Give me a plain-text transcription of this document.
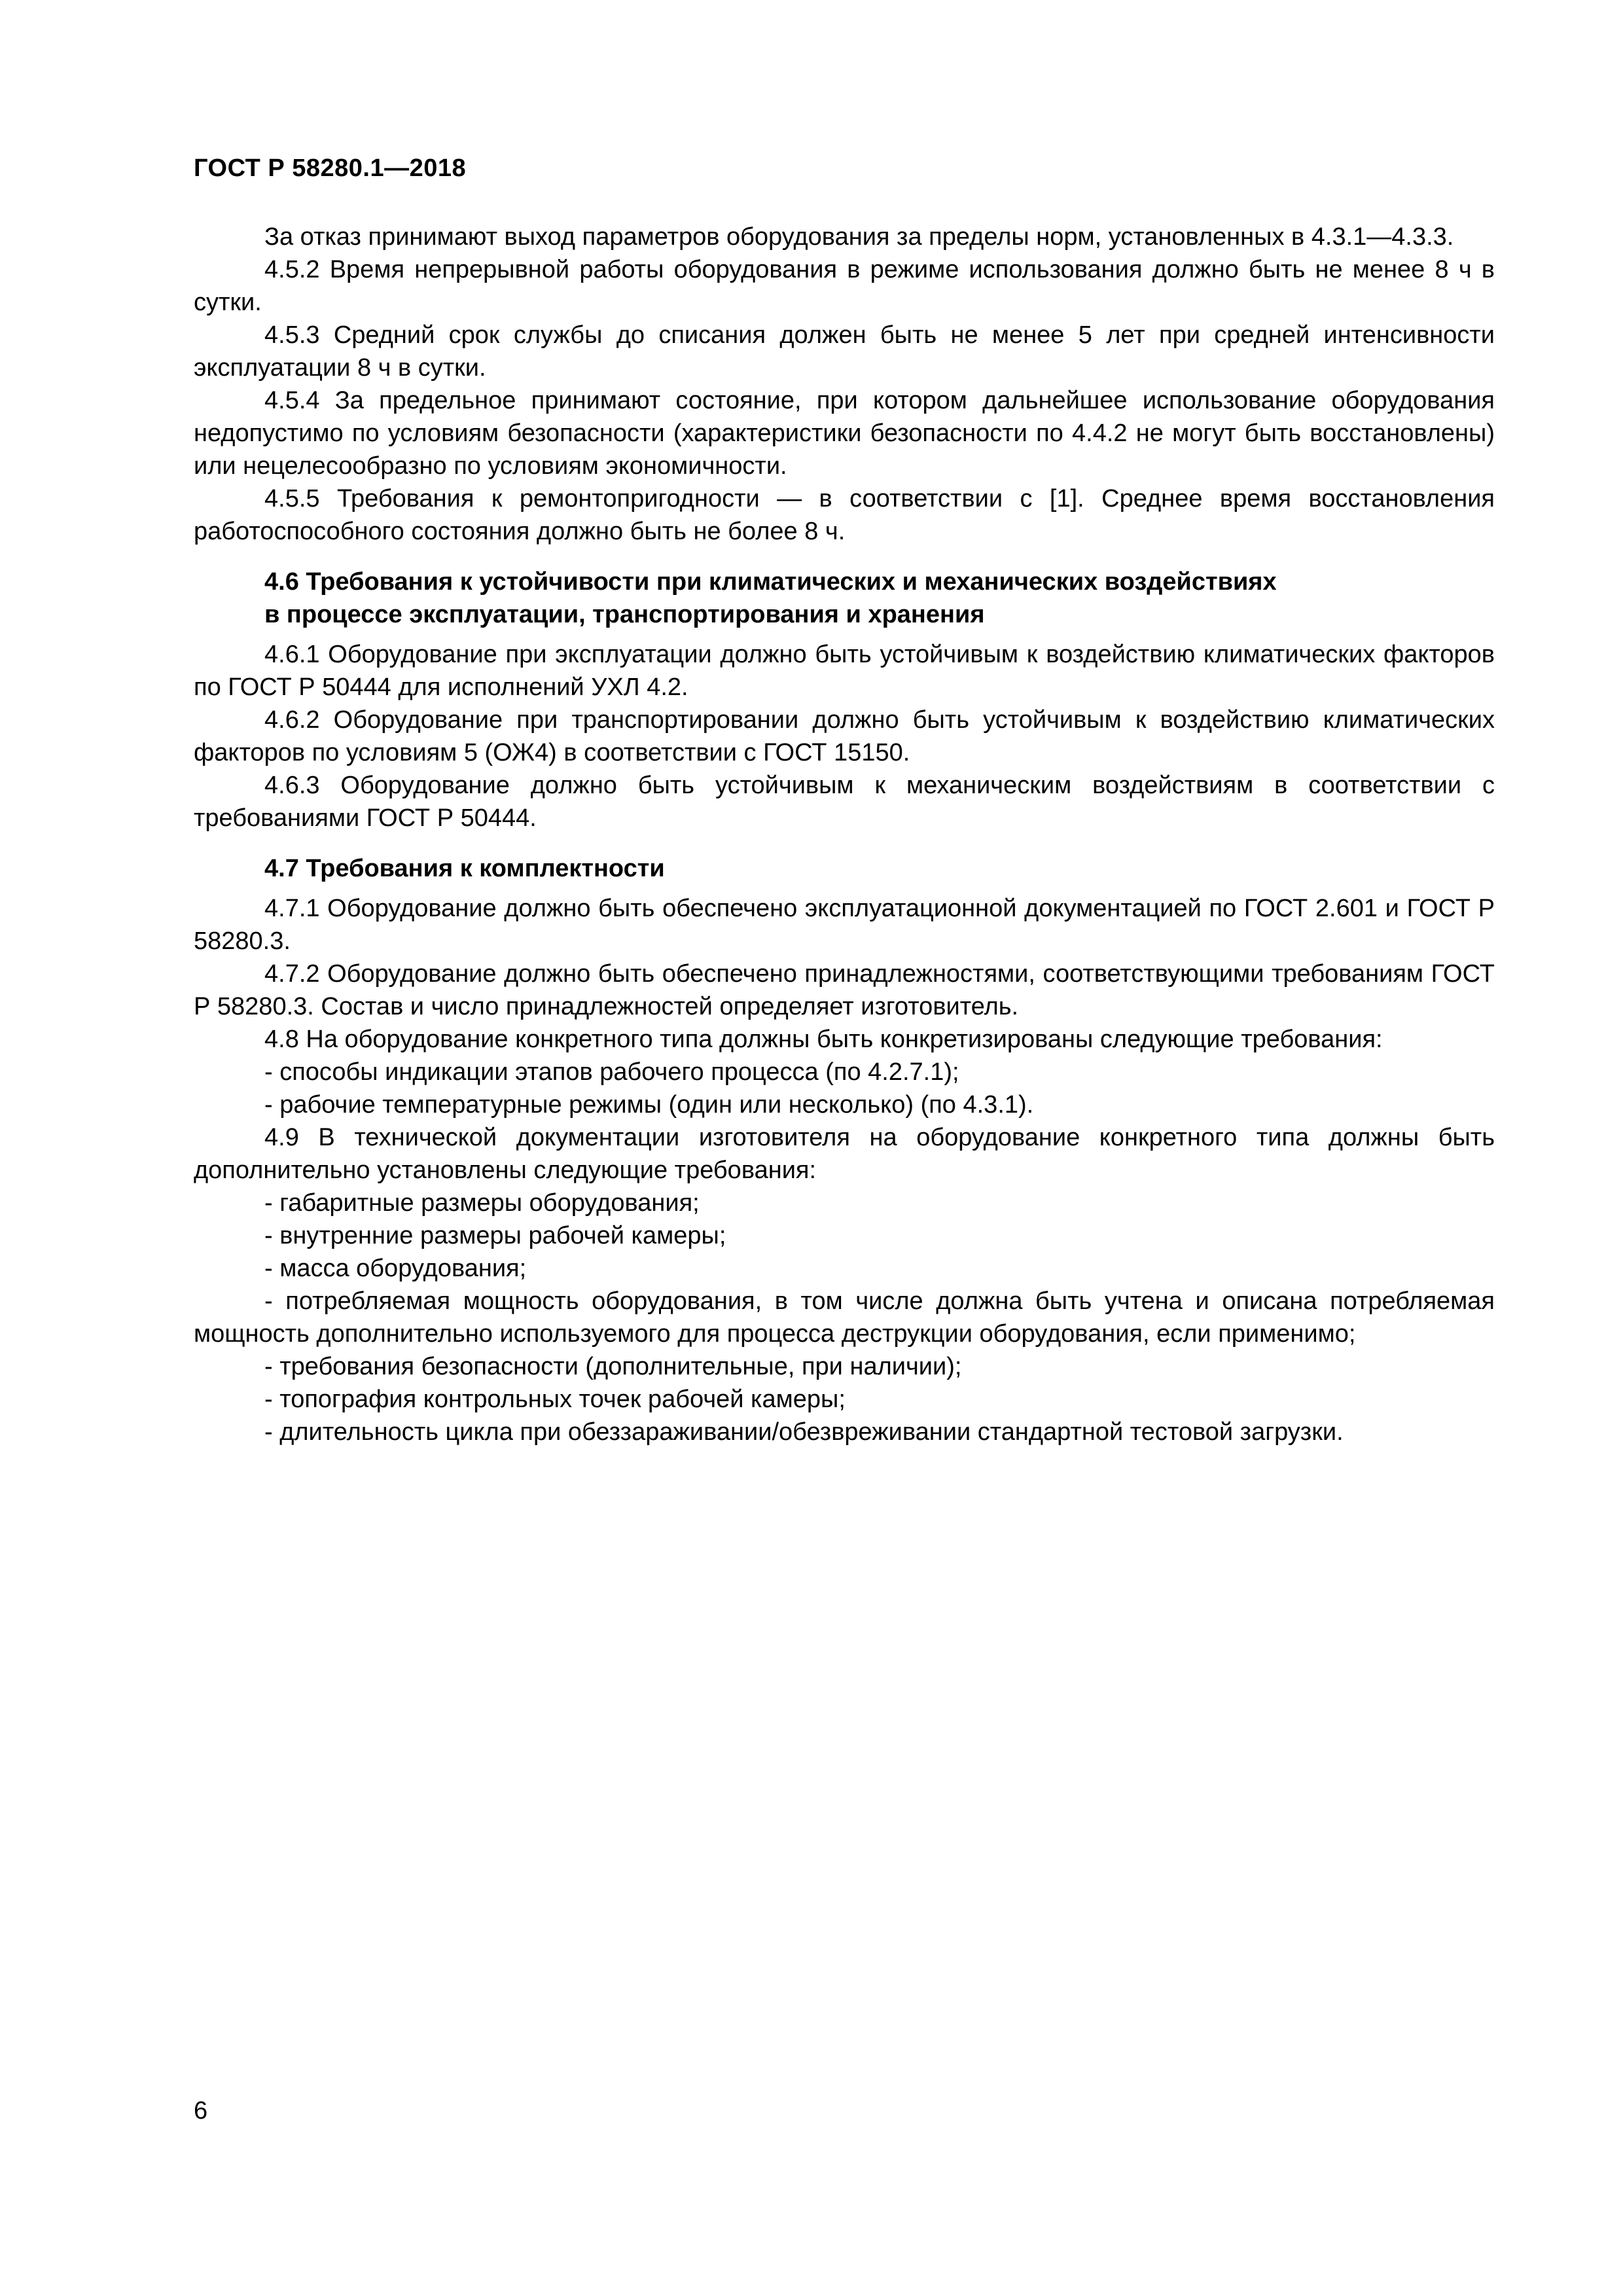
ГОСТ Р 58280.1—2018

За отказ принимают выход параметров оборудования за пределы норм, установленных в 4.3.1—4.3.3.

4.5.2 Время непрерывной работы оборудования в режиме использования должно быть не менее 8 ч в сутки.

4.5.3 Средний срок службы до списания должен быть не менее 5 лет при средней интенсивности эксплуатации 8 ч в сутки.

4.5.4 За предельное принимают состояние, при котором дальнейшее использование оборудования недопустимо по условиям безопасности (характеристики безопасности по 4.4.2 не могут быть восстановлены) или нецелесообразно по условиям экономичности.

4.5.5 Требования к ремонтопригодности — в соответствии с [1]. Среднее время восстановления работоспособного состояния должно быть не более 8 ч.

4.6 Требования к устойчивости при климатических и механических воздействиях
в процессе эксплуатации, транспортирования и хранения

4.6.1 Оборудование при эксплуатации должно быть устойчивым к воздействию климатических факторов по ГОСТ Р 50444 для исполнений УХЛ 4.2.

4.6.2 Оборудование при транспортировании должно быть устойчивым к воздействию климатических факторов по условиям 5 (ОЖ4) в соответствии с ГОСТ 15150.

4.6.3 Оборудование должно быть устойчивым к механическим воздействиям в соответствии с требованиями ГОСТ Р 50444.

4.7 Требования к комплектности

4.7.1 Оборудование должно быть обеспечено эксплуатационной документацией по ГОСТ 2.601 и ГОСТ Р 58280.3.

4.7.2 Оборудование должно быть обеспечено принадлежностями, соответствующими требованиям ГОСТ Р 58280.3. Состав и число принадлежностей определяет изготовитель.

4.8 На оборудование конкретного типа должны быть конкретизированы следующие требования:

- способы индикации этапов рабочего процесса (по 4.2.7.1);

- рабочие температурные режимы (один или несколько) (по 4.3.1).

4.9 В технической документации изготовителя на оборудование конкретного типа должны быть дополнительно установлены следующие требования:

- габаритные размеры оборудования;

- внутренние размеры рабочей камеры;

- масса оборудования;

- потребляемая мощность оборудования, в том числе должна быть учтена и описана потребляемая мощность дополнительно используемого для процесса деструкции оборудования, если применимо;

- требования безопасности (дополнительные, при наличии);

- топография контрольных точек рабочей камеры;

- длительность цикла при обеззараживании/обезвреживании стандартной тестовой загрузки.

6
